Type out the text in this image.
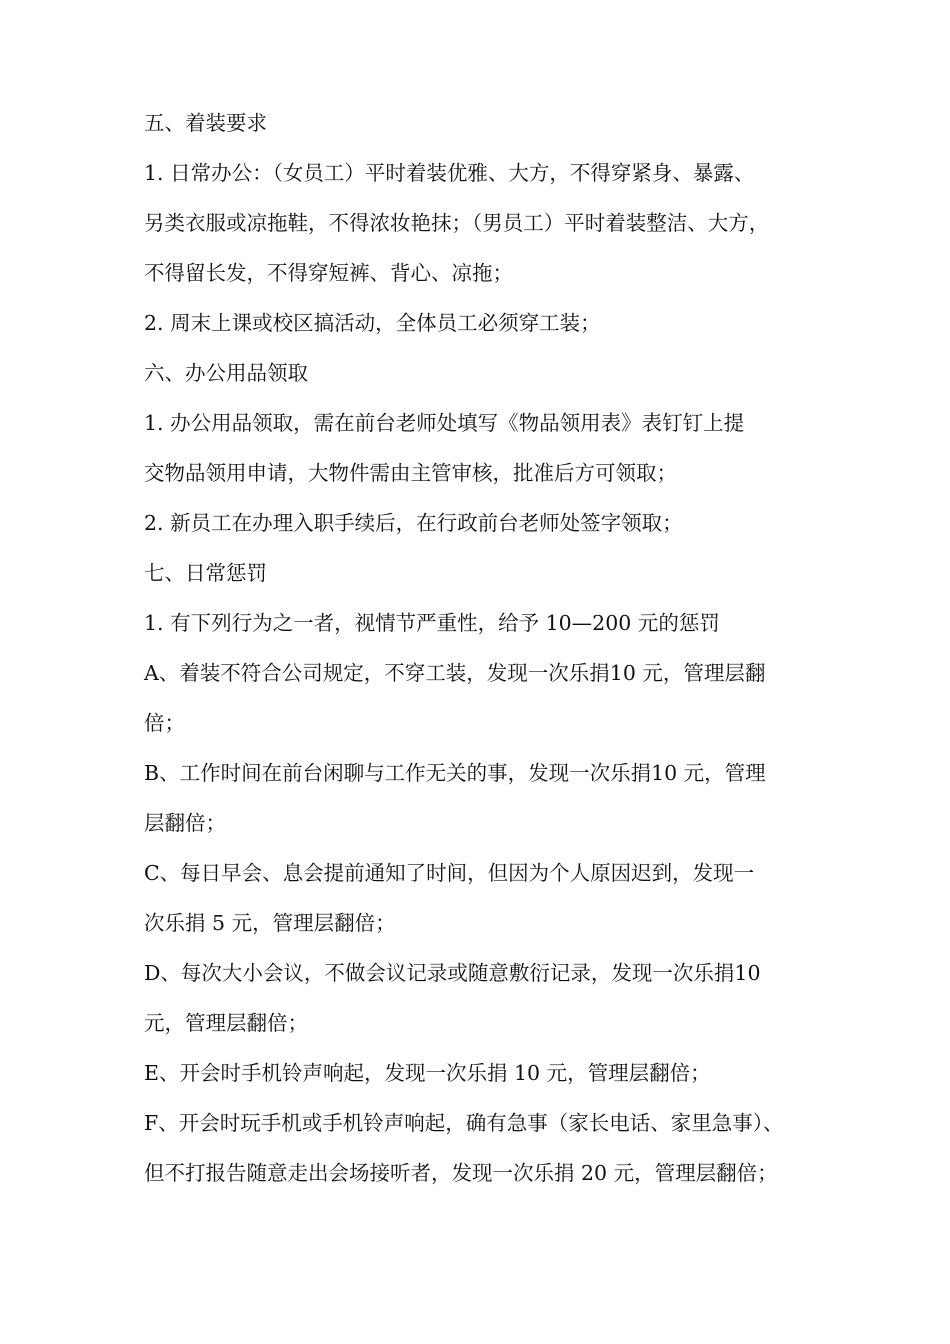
五、着装要求

1. 日常办公：（女员工）平时着装优雅、大方，不得穿紧身、暴露、

另类衣服或凉拖鞋，不得浓妆艳抹；（男员工）平时着装整洁、大方，

不得留长发，不得穿短裤、背心、凉拖；

2. 周末上课或校区搞活动，全体员工必须穿工装；

六、办公用品领取

1. 办公用品领取，需在前台老师处填写《物品领用表》表钉钉上提

交物品领用申请，大物件需由主管审核，批准后方可领取；

2. 新员工在办理入职手续后，在行政前台老师处签字领取；

七、日常惩罚

1. 有下列行为之一者，视情节严重性，给予 10—200 元的惩罚

A、着装不符合公司规定，不穿工装，发现一次乐捐10 元，管理层翻

倍；

B、工作时间在前台闲聊与工作无关的事，发现一次乐捐10 元，管理

层翻倍；

C、每日早会、息会提前通知了时间，但因为个人原因迟到，发现一

次乐捐 5 元，管理层翻倍；

D、每次大小会议，不做会议记录或随意敷衍记录，发现一次乐捐10

元，管理层翻倍；

E、开会时手机铃声响起，发现一次乐捐 10 元，管理层翻倍；

F、开会时玩手机或手机铃声响起，确有急事（家长电话、家里急事）、

但不打报告随意走出会场接听者，发现一次乐捐 20 元，管理层翻倍；
